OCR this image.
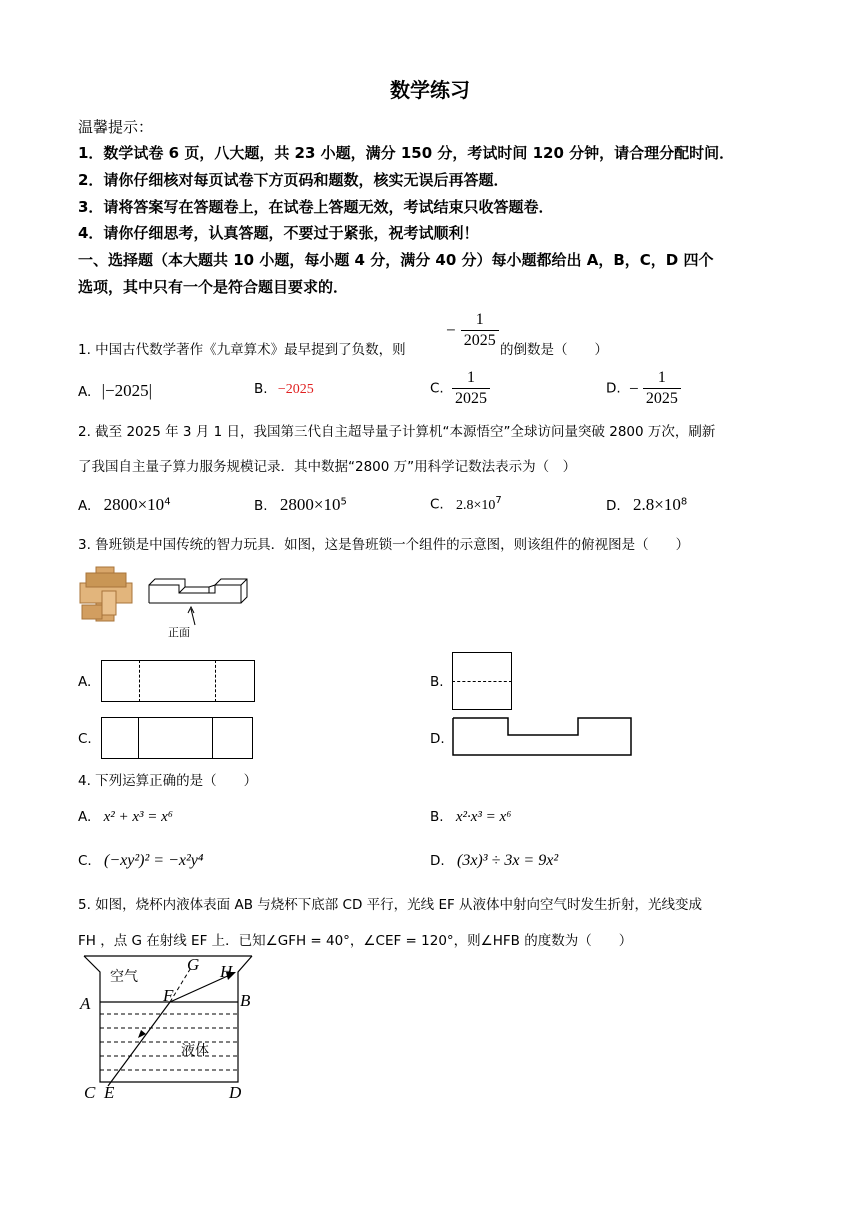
数学练习
温馨提示：
1．数学试卷 6 页，八大题，共 23 小题，满分 150 分，考试时间 120 分钟，请合理分配时间．
2．请你仔细核对每页试卷下方页码和题数，核实无误后再答题．
3．请将答案写在答题卷上，在试卷上答题无效，考试结束只收答题卷．
4．请你仔细思考，认真答题，不要过于紧张，祝考试顺利！
一、选择题（本大题共 10 小题，每小题 4 分，满分 40 分）每小题都给出 A，B，C，D 四个
选项，其中只有一个是符合题目要求的．
1. 中国古代数学著作《九章算术》最早提到了负数，则
− $\frac{1}{2025}$ 的倒数是（　　）
A. |−2025|	B. −2025	C. $\frac{1}{2025}$	D. − $\frac{1}{2025}$
2. 截至 2025 年 3 月 1 日，我国第三代自主超导量子计算机“本源悟空”全球访问量突破 2800 万次，刷新
了我国自主量子算力服务规模记录．其中数据“2800 万”用科学记数法表示为（　）
A. $2800\times 10^4$	B. $2800\times 10^5$	C. $2.8\times 10^7$	D. $2.8\times 10^8$
3. 鲁班锁是中国传统的智力玩具．如图，这是鲁班锁一个组件的示意图，则该组件的俯视图是（　　）
正面
A.	B.
C.	D.
4. 下列运算正确的是（　　）
A. x² + x³ = x⁶	B. x²·x³ = x⁶
C. (−xy²)² = −x²y⁴	D. (3x)³ ÷ 3x = 9x²
5. 如图，烧杯内液体表面 AB 与烧杯下底部 CD 平行，光线 EF 从液体中射向空气时发生折射，光线变成
FH ，点 G 在射线 EF 上．已知∠GFH = 40°，∠CEF = 120°，则∠HFB 的度数为（　　）
空气
液体
A	B
C	D
E
F
G H
